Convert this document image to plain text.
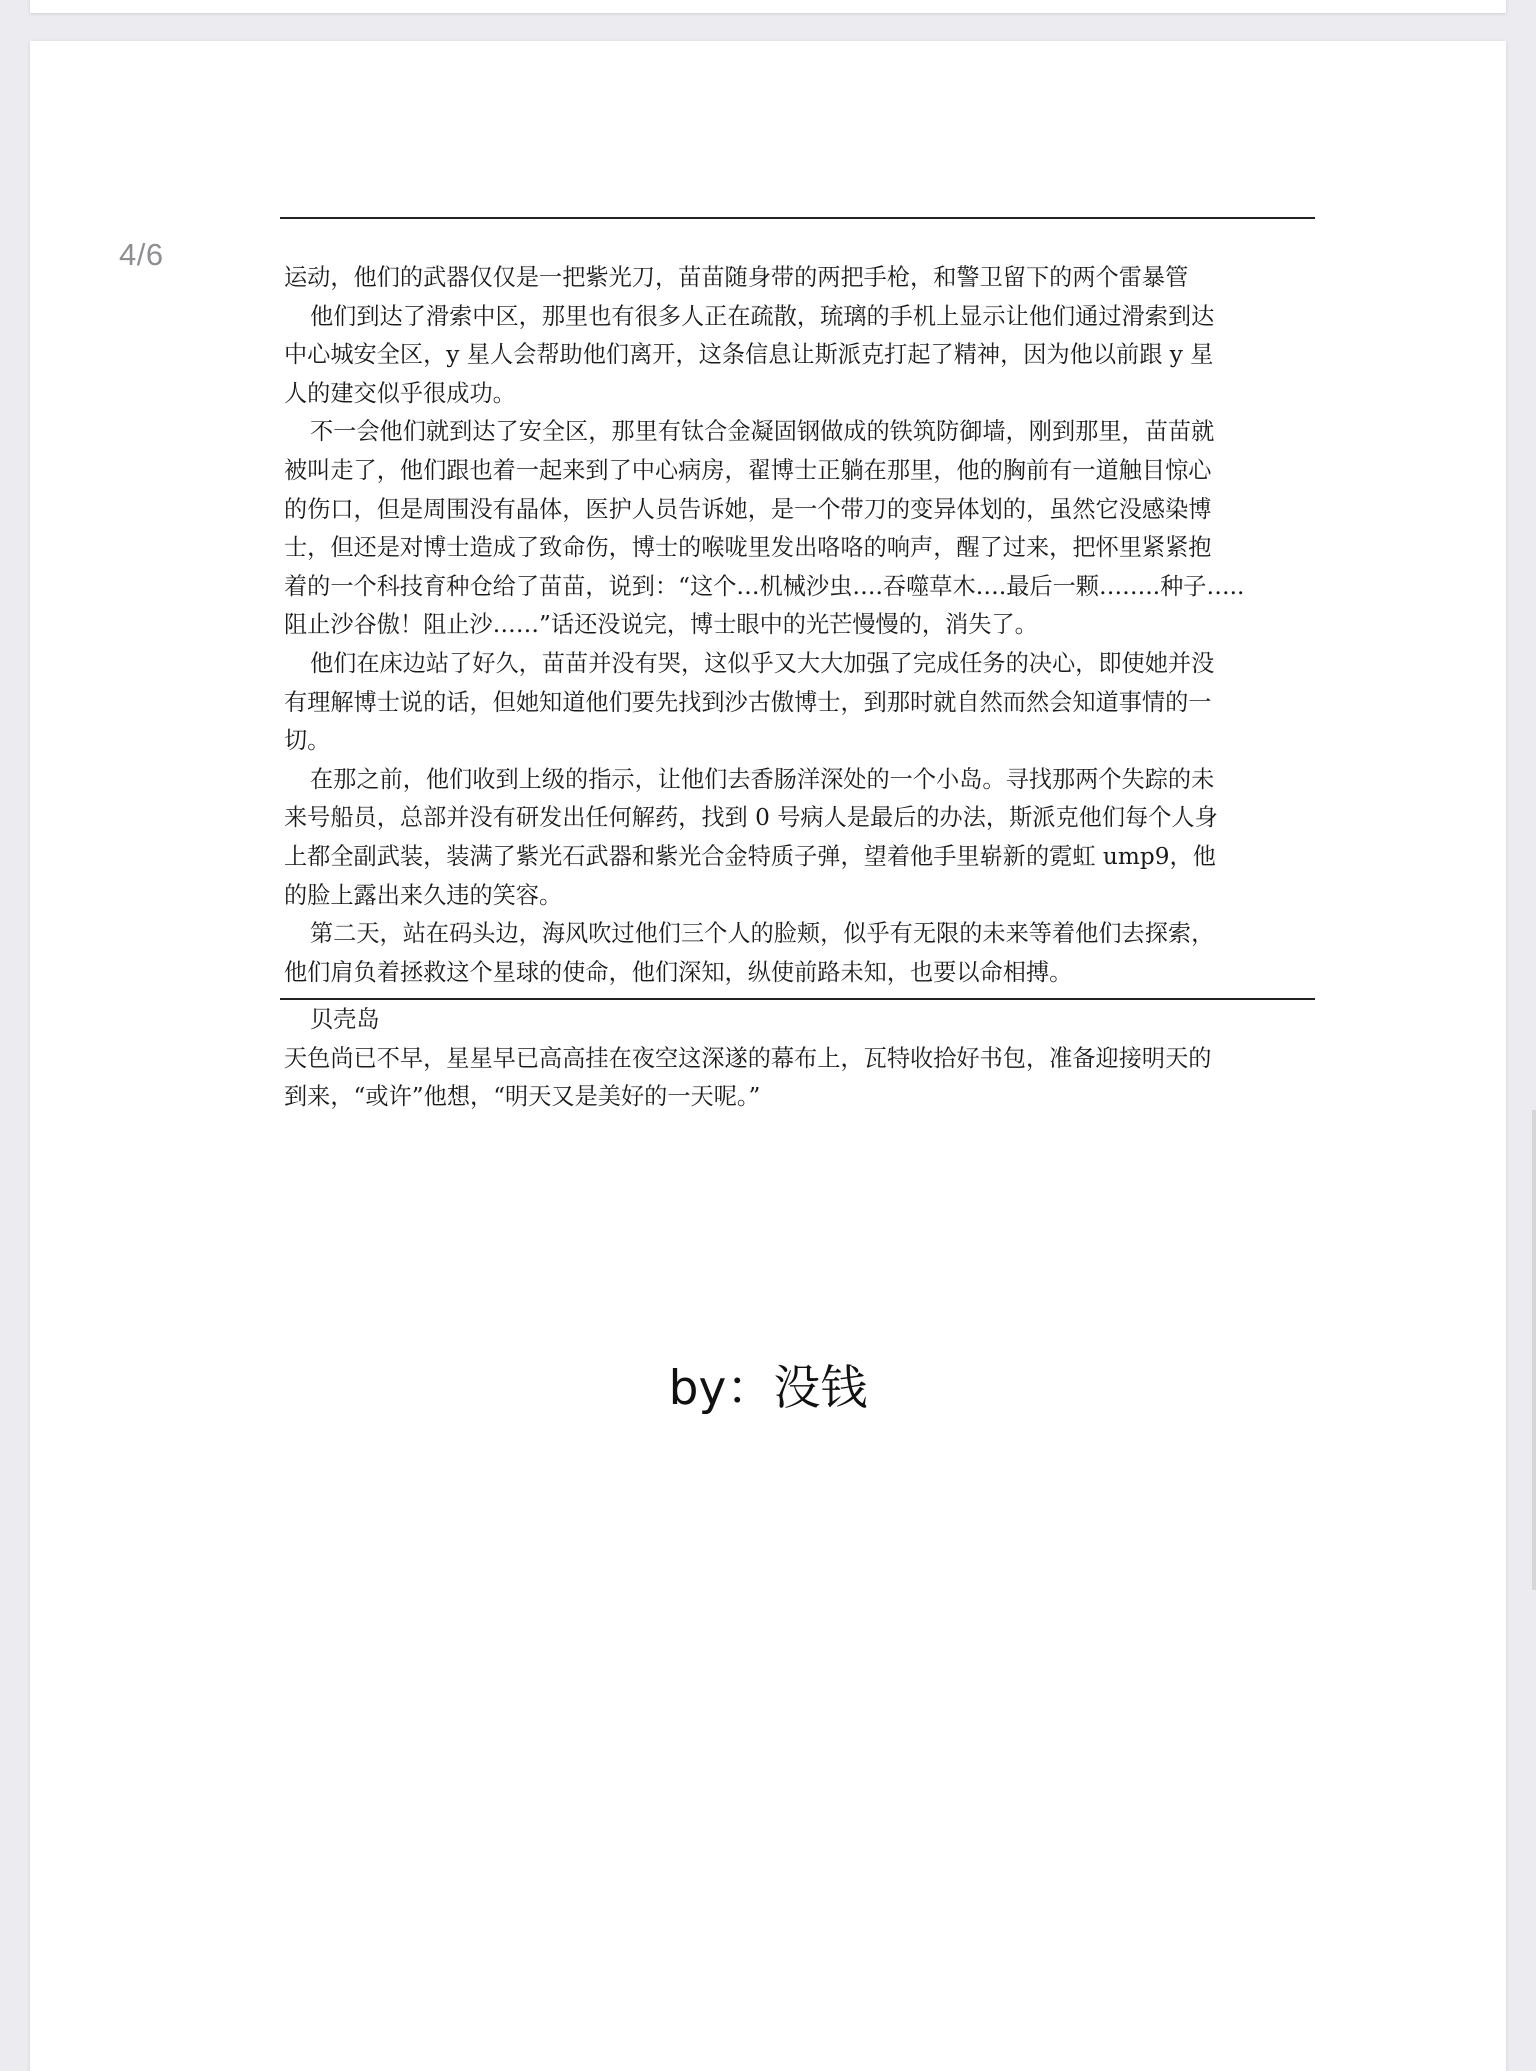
4/6
运动，他们的武器仅仅是一把紫光刀，苗苗随身带的两把手枪，和警卫留下的两个雷暴管
他们到达了滑索中区，那里也有很多人正在疏散，琉璃的手机上显示让他们通过滑索到达
中心城安全区，y 星人会帮助他们离开，这条信息让斯派克打起了精神，因为他以前跟 y 星
人的建交似乎很成功。
不一会他们就到达了安全区，那里有钛合金凝固钢做成的铁筑防御墙，刚到那里，苗苗就
被叫走了，他们跟也着一起来到了中心病房，翟博士正躺在那里，他的胸前有一道触目惊心
的伤口，但是周围没有晶体，医护人员告诉她，是一个带刀的变异体划的，虽然它没感染博
士，但还是对博士造成了致命伤，博士的喉咙里发出咯咯的响声，醒了过来，把怀里紧紧抱
着的一个科技育种仓给了苗苗，说到：“这个…机械沙虫….吞噬草木….最后一颗……..种子…..
阻止沙谷傲！阻止沙……”话还没说完，博士眼中的光芒慢慢的，消失了。
他们在床边站了好久，苗苗并没有哭，这似乎又大大加强了完成任务的决心，即使她并没
有理解博士说的话，但她知道他们要先找到沙古傲博士，到那时就自然而然会知道事情的一
切。
在那之前，他们收到上级的指示，让他们去香肠洋深处的一个小岛。寻找那两个失踪的未
来号船员，总部并没有研发出任何解药，找到 0 号病人是最后的办法，斯派克他们每个人身
上都全副武装，装满了紫光石武器和紫光合金特质子弹，望着他手里崭新的霓虹 ump9，他
的脸上露出来久违的笑容。
第二天，站在码头边，海风吹过他们三个人的脸颊，似乎有无限的未来等着他们去探索，
他们肩负着拯救这个星球的使命，他们深知，纵使前路未知，也要以命相搏。
贝壳岛
天色尚已不早，星星早已高高挂在夜空这深遂的幕布上，瓦特收拾好书包，准备迎接明天的
到来，“或许”他想，“明天又是美好的一天呢。”
by：没钱
